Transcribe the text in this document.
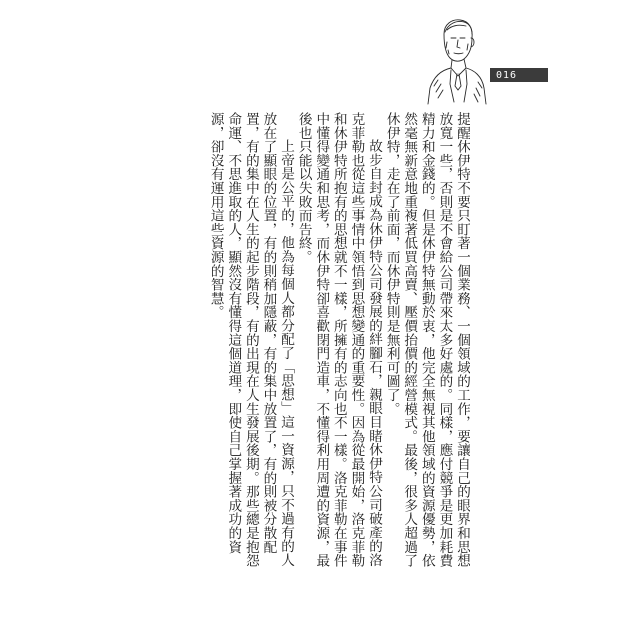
016

提醒休伊特不要只盯著一個業務、一個領域的工作，要讓自己的眼界和思想放寬一些，否則是不會給公司帶來太多好處的。同樣，應付競爭是更加耗費精力和金錢的。但是休伊特無動於衷，他完全無視其他領域的資源優勢，依然毫無新意地重複著低買高賣、壓價抬價的經營模式。最後，很多人超過了休伊特，走在了前面，而休伊特則是無利可圖了。

故步自封成為休伊特公司發展的絆腳石，親眼目睹休伊特公司破產的洛克菲勒也從這些事情中領悟到思想變通的重要性。因為從最開始，洛克菲勒和休伊特所抱有的思想就不一樣，所擁有的志向也不一樣。洛克菲勒在事件中懂得變通和思考，而休伊特卻喜歡閉門造車，不懂得利用周遭的資源，最後也只能以失敗而告終。

上帝是公平的，他為每個人都分配了「思想」這一資源，只不過有的人放在了顯眼的位置，有的則稍加隱蔽，有的集中放置了，有的則被分散配置，有的集中在人生的起步階段，有的出現在人生發展後期。那些總是抱怨命運、不思進取的人，顯然沒有懂得這個道理，即使自己掌握著成功的資源，卻沒有運用這些資源的智慧。
